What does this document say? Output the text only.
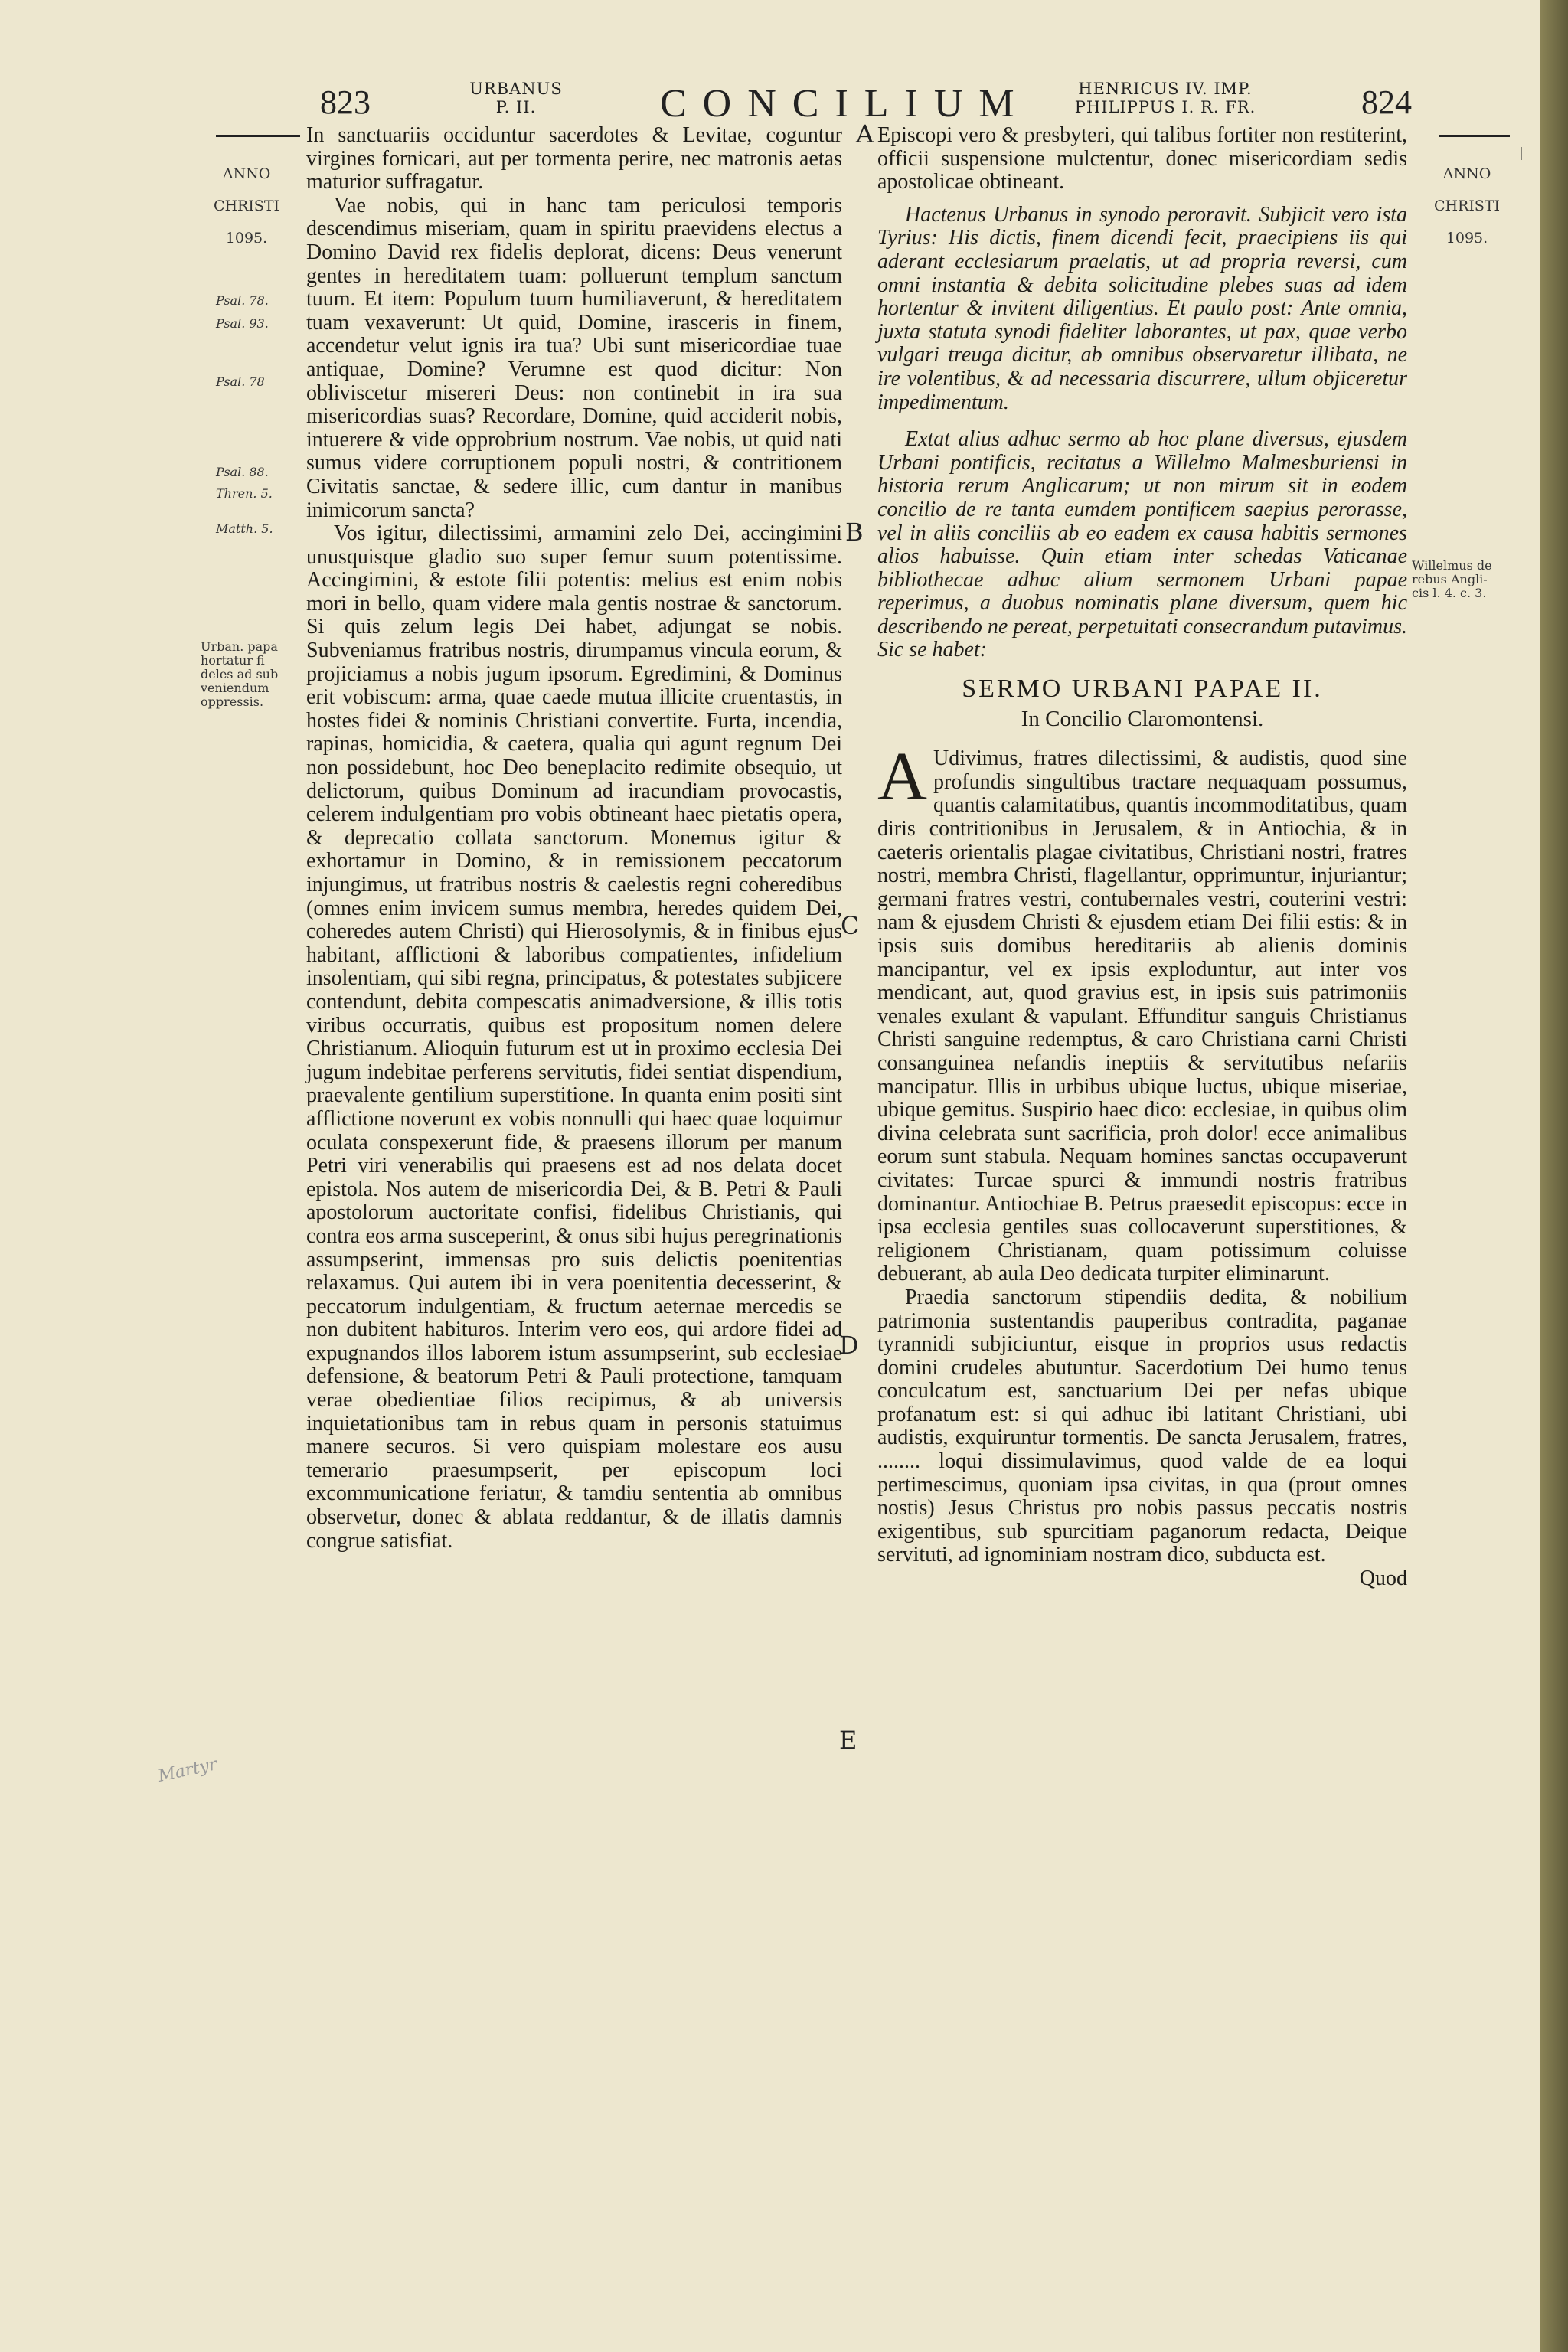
823	URBANUS
P. II.	CONCILIUM	HENRICUS IV. IMP.
PHILIPPUS I. R. FR.	824

ANNO

CHRISTI

1095.

Psal. 78.
Psal. 93.
Psal. 78
Psal. 88.
Thren. 5.
Matth. 5.
Urban. papa hortatur fi deles ad sub veniendum oppressis.

ANNO

CHRISTI

1095.

Willelmus de rebus Angli- cis l. 4. c. 3.
A
B
C
D
E
Martyr
|

In sanctuariis occiduntur sacerdotes & Levitae, coguntur virgines fornicari, aut per tormenta perire, nec matronis aetas maturior suffragatur.

Vae nobis, qui in hanc tam periculosi temporis descendimus miseriam, quam in spiritu praevidens electus a Domino David rex fidelis deplorat, dicens: Deus venerunt gentes in hereditatem tuam: polluerunt templum sanctum tuum. Et item: Populum tuum humiliaverunt, & hereditatem tuam vexaverunt: Ut quid, Domine, irasceris in finem, accendetur velut ignis ira tua? Ubi sunt misericordiae tuae antiquae, Domine? Verumne est quod dicitur: Non obliviscetur misereri Deus: non continebit in ira sua misericordias suas? Recordare, Domine, quid acciderit nobis, intuerere & vide opprobrium nostrum. Vae nobis, ut quid nati sumus videre corruptionem populi nostri, & contritionem Civitatis sanctae, & sedere illic, cum dantur in manibus inimicorum sancta?

Vos igitur, dilectissimi, armamini zelo Dei, accingimini unusquisque gladio suo super femur suum potentissime. Accingimini, & estote filii potentis: melius est enim nobis mori in bello, quam videre mala gentis nostrae & sanctorum. Si quis zelum legis Dei habet, adjungat se nobis. Subveniamus fratribus nostris, dirumpamus vincula eorum, & projiciamus a nobis jugum ipsorum. Egredimini, & Dominus erit vobiscum: arma, quae caede mutua illicite cruentastis, in hostes fidei & nominis Christiani convertite. Furta, incendia, rapinas, homicidia, & caetera, qualia qui agunt regnum Dei non possidebunt, hoc Deo beneplacito redimite obsequio, ut delictorum, quibus Dominum ad iracundiam provocastis, celerem indulgentiam pro vobis obtineant haec pietatis opera, & deprecatio collata sanctorum. Monemus igitur & exhortamur in Domino, & in remissionem peccatorum injungimus, ut fratribus nostris & caelestis regni coheredibus (omnes enim invicem sumus membra, heredes quidem Dei, coheredes autem Christi) qui Hierosolymis, & in finibus ejus habitant, afflictioni & laboribus compatientes, infidelium insolentiam, qui sibi regna, principatus, & potestates subjicere contendunt, debita compescatis animadversione, & illis totis viribus occurratis, quibus est propositum nomen delere Christianum. Alioquin futurum est ut in proximo ecclesia Dei jugum indebitae perferens servitutis, fidei sentiat dispendium, praevalente gentilium superstitione. In quanta enim positi sint afflictione noverunt ex vobis nonnulli qui haec quae loquimur oculata conspexerunt fide, & praesens illorum per manum Petri viri venerabilis qui praesens est ad nos delata docet epistola. Nos autem de misericordia Dei, & B. Petri & Pauli apostolorum auctoritate confisi, fidelibus Christianis, qui contra eos arma susceperint, & onus sibi hujus peregrinationis assumpserint, immensas pro suis delictis poenitentias relaxamus. Qui autem ibi in vera poenitentia decesserint, & peccatorum indulgentiam, & fructum aeternae mercedis se non dubitent habituros. Interim vero eos, qui ardore fidei ad expugnandos illos laborem istum assumpserint, sub ecclesiae defensione, & beatorum Petri & Pauli protectione, tamquam verae obedientiae filios recipimus, & ab universis inquietationibus tam in rebus quam in personis statuimus manere securos. Si vero quispiam molestare eos ausu temerario praesumpserit, per episcopum loci excommunicatione feriatur, & tamdiu sententia ab omnibus observetur, donec & ablata reddantur, & de illatis damnis congrue satisfiat.

Episcopi vero & presbyteri, qui talibus fortiter non restiterint, officii suspensione mulctentur, donec misericordiam sedis apostolicae obtineant.

Hactenus Urbanus in synodo peroravit. Subjicit vero ista Tyrius: His dictis, finem dicendi fecit, praecipiens iis qui aderant ecclesiarum praelatis, ut ad propria reversi, cum omni instantia & debita solicitudine plebes suas ad idem hortentur & invitent diligentius. Et paulo post: Ante omnia, juxta statuta synodi fideliter laborantes, ut pax, quae verbo vulgari treuga dicitur, ab omnibus observaretur illibata, ne ire volentibus, & ad necessaria discurrere, ullum objiceretur impedimentum.

Extat alius adhuc sermo ab hoc plane diversus, ejusdem Urbani pontificis, recitatus a Willelmo Malmesburiensi in historia rerum Anglicarum; ut non mirum sit in eodem concilio de re tanta eumdem pontificem saepius perorasse, vel in aliis conciliis ab eo eadem ex causa habitis sermones alios habuisse. Quin etiam inter schedas Vaticanae bibliothecae adhuc alium sermonem Urbani papae reperimus, a duobus nominatis plane diversum, quem hic describendo ne pereat, perpetuitati consecrandum putavimus. Sic se habet:

SERMO URBANI PAPAE II.

In Concilio Claromontensi.

A Udivimus, fratres dilectissimi, & audistis, quod sine profundis singultibus tractare nequaquam possumus, quantis calamitatibus, quantis incommoditatibus, quam diris contritionibus in Jerusalem, & in Antiochia, & in caeteris orientalis plagae civitatibus, Christiani nostri, fratres nostri, membra Christi, flagellantur, opprimuntur, injuriantur; germani fratres vestri, contubernales vestri, couterini vestri: nam & ejusdem Christi & ejusdem etiam Dei filii estis: & in ipsis suis domibus hereditariis ab alienis dominis mancipantur, vel ex ipsis exploduntur, aut inter vos mendicant, aut, quod gravius est, in ipsis suis patrimoniis venales exulant & vapulant. Effunditur sanguis Christianus Christi sanguine redemptus, & caro Christiana carni Christi consanguinea nefandis ineptiis & servitutibus nefariis mancipatur. Illis in urbibus ubique luctus, ubique miseriae, ubique gemitus. Suspirio haec dico: ecclesiae, in quibus olim divina celebrata sunt sacrificia, proh dolor! ecce animalibus eorum sunt stabula. Nequam homines sanctas occupaverunt civitates: Turcae spurci & immundi nostris fratribus dominantur. Antiochiae B. Petrus praesedit episcopus: ecce in ipsa ecclesia gentiles suas collocaverunt superstitiones, & religionem Christianam, quam potissimum coluisse debuerant, ab aula Deo dedicata turpiter eliminarunt.

Praedia sanctorum stipendiis dedita, & nobilium patrimonia sustentandis pauperibus contradita, paganae tyrannidi subjiciuntur, eisque in proprios usus redactis domini crudeles abutuntur. Sacerdotium Dei humo tenus conculcatum est, sanctuarium Dei per nefas ubique profanatum est: si qui adhuc ibi latitant Christiani, ubi audistis, exquiruntur tormentis. De sancta Jerusalem, fratres, ........ loqui dissimulavimus, quod valde de ea loqui pertimescimus, quoniam ipsa civitas, in qua (prout omnes nostis) Jesus Christus pro nobis passus peccatis nostris exigentibus, sub spurcitiam paganorum redacta, Deique servituti, ad ignominiam nostram dico, subducta est.

Quod
